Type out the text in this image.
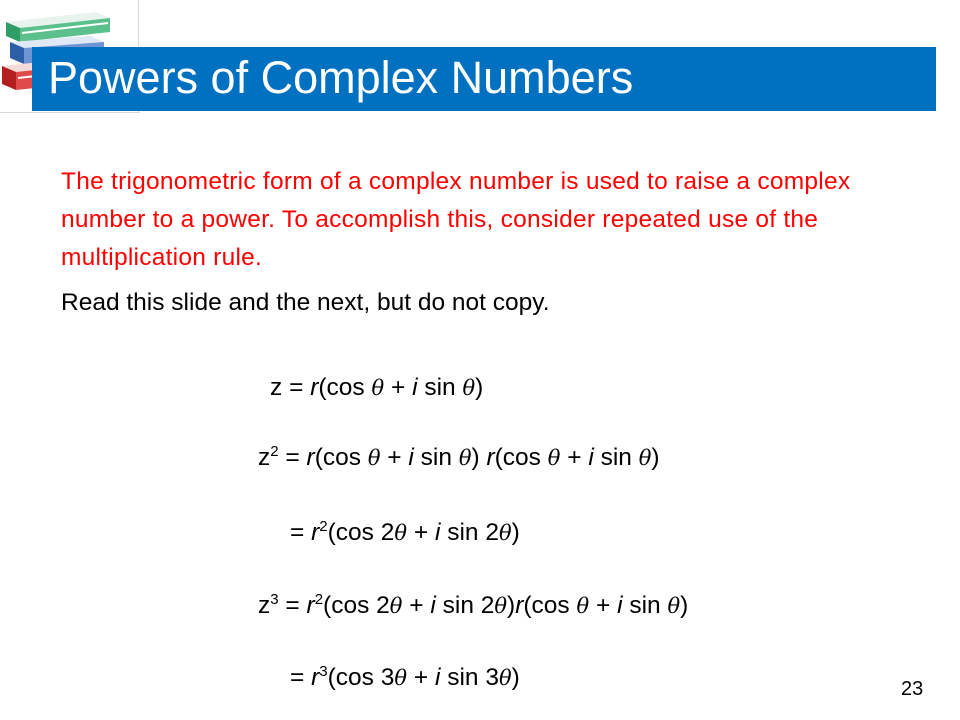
Powers of Complex Numbers
The trigonometric form of a complex number is used to raise a complex number to a power. To accomplish this, consider repeated use of the multiplication rule.
Read this slide and the next, but do not copy.
z = r(cos θ + i sin θ)
$z^2 = r(\cos$ θ + i sin θ) r(cos θ + i sin θ)
= $r^2(\cos$ 2θ + i sin 2θ)
$z^3 = r^2(\cos$ 2θ + i sin 2θ)r(cos θ + i sin θ)
= $r^3(\cos$ 3θ + i sin 3θ)	23
